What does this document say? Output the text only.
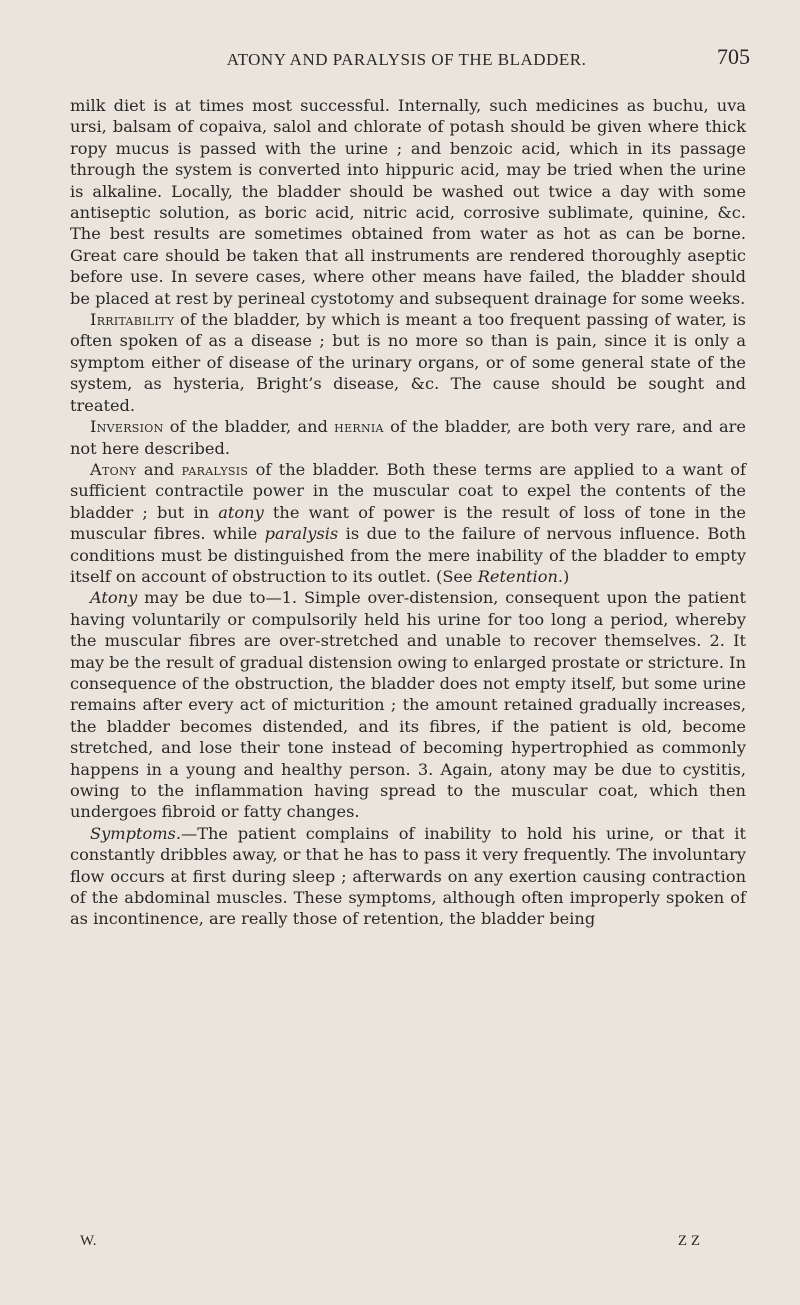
ATONY AND PARALYSIS OF THE BLADDER.	705

milk diet is at times most successful. Internally, such medicines as buchu, uva ursi, balsam of copaiva, salol and chlorate of potash should be given where thick ropy mucus is passed with the urine ; and benzoic acid, which in its passage through the system is converted into hippuric acid, may be tried when the urine is alkaline. Locally, the bladder should be washed out twice a day with some antiseptic solution, as boric acid, nitric acid, corrosive sublimate, quinine, &c. The best results are sometimes obtained from water as hot as can be borne. Great care should be taken that all instruments are rendered thoroughly aseptic before use. In severe cases, where other means have failed, the bladder should be placed at rest by perineal cystotomy and subsequent drainage for some weeks.

Irritability of the bladder, by which is meant a too frequent passing of water, is often spoken of as a disease ; but is no more so than is pain, since it is only a symptom either of disease of the urinary organs, or of some general state of the system, as hysteria, Bright’s disease, &c. The cause should be sought and treated.

Inversion of the bladder, and hernia of the bladder, are both very rare, and are not here described.

Atony and paralysis of the bladder. Both these terms are applied to a want of sufficient contractile power in the muscular coat to expel the contents of the bladder ; but in atony the want of power is the result of loss of tone in the muscular fibres. while paralysis is due to the failure of nervous influence. Both conditions must be distinguished from the mere inability of the bladder to empty itself on account of obstruction to its outlet. (See Retention.)

Atony may be due to—1. Simple over-distension, consequent upon the patient having voluntarily or compulsorily held his urine for too long a period, whereby the muscular fibres are over-stretched and unable to recover themselves. 2. It may be the result of gradual distension owing to enlarged prostate or stricture. In consequence of the obstruction, the bladder does not empty itself, but some urine remains after every act of micturition ; the amount retained gradually increases, the bladder becomes distended, and its fibres, if the patient is old, become stretched, and lose their tone instead of becoming hypertrophied as commonly happens in a young and healthy person. 3. Again, atony may be due to cystitis, owing to the inflammation having spread to the muscular coat, which then undergoes fibroid or fatty changes.

Symptoms.—The patient complains of inability to hold his urine, or that it constantly dribbles away, or that he has to pass it very frequently. The involuntary flow occurs at first during sleep ; afterwards on any exertion causing contraction of the abdominal muscles. These symptoms, although often improperly spoken of as incontinence, are really those of retention, the bladder being

W.	Z Z
